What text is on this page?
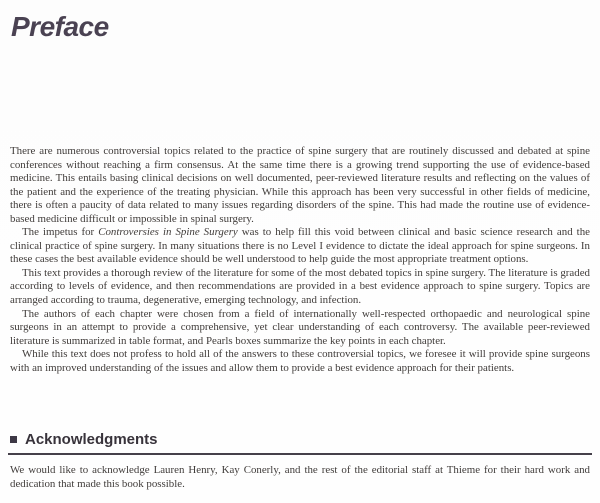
Preface

There are numerous controversial topics related to the practice of spine surgery that are routinely discussed and debated at spine conferences without reaching a firm consensus. At the same time there is a growing trend supporting the use of evidence-based medicine. This entails basing clinical decisions on well documented, peer-reviewed literature results and reflecting on the values of the patient and the experience of the treating physician. While this approach has been very successful in other fields of medicine, there is often a paucity of data related to many issues regarding disorders of the spine. This had made the routine use of evidence-based medicine difficult or impossible in spinal surgery.

The impetus for Controversies in Spine Surgery was to help fill this void between clinical and basic science research and the clinical practice of spine surgery. In many situations there is no Level I evidence to dictate the ideal approach for spine surgeons. In these cases the best available evidence should be well understood to help guide the most appropriate treatment options.

This text provides a thorough review of the literature for some of the most debated topics in spine surgery. The literature is graded according to levels of evidence, and then recommendations are provided in a best evidence approach to spine surgery. Topics are arranged according to trauma, degenerative, emerging technology, and infection.

The authors of each chapter were chosen from a field of internationally well-respected orthopaedic and neurological spine surgeons in an attempt to provide a comprehensive, yet clear understanding of each controversy. The available peer-reviewed literature is summarized in table format, and Pearls boxes summarize the key points in each chapter.

While this text does not profess to hold all of the answers to these controversial topics, we foresee it will provide spine surgeons with an improved understanding of the issues and allow them to provide a best evidence approach for their patients.

Acknowledgments

We would like to acknowledge Lauren Henry, Kay Conerly, and the rest of the editorial staff at Thieme for their hard work and dedication that made this book possible.
